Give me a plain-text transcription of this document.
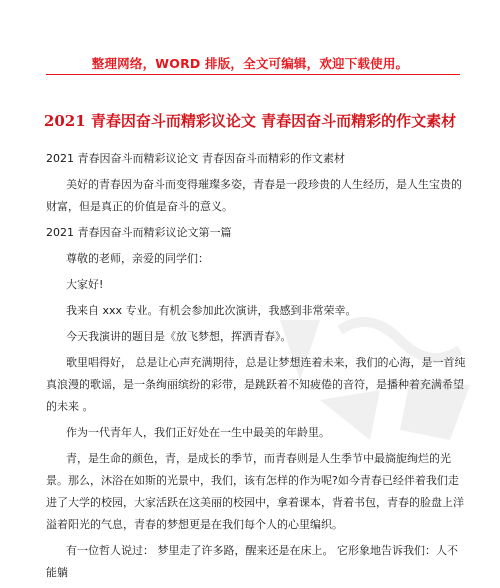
整理网络，WORD 排版，全文可编辑，欢迎下载使用。
2021 青春因奋斗而精彩议论文 青春因奋斗而精彩的作文素材

2021 青春因奋斗而精彩议论文 青春因奋斗而精彩的作文素材

美好的青春因为奋斗而变得璀璨多姿，青春是一段珍贵的人生经历，是人生宝贵的财富，但是真正的价值是奋斗的意义。

2021 青春因奋斗而精彩议论文第一篇

尊敬的老师，亲爱的同学们：

大家好!

我来自 xxx 专业。有机会参加此次演讲，我感到非常荣幸。

今天我演讲的题目是《放飞梦想，挥洒青春》。

歌里唱得好， 总是让心声充满期待，总是让梦想连着未来，我们的心海，是一首纯真浪漫的歌谣，是一条绚丽缤纷的彩带，是跳跃着不知疲倦的音符，是播种着充满希望的未来 。

作为一代青年人，我们正好处在一生中最美的年龄里。

青，是生命的颜色，青，是成长的季节，而青春则是人生季节中最旖旎绚烂的光景。那么，沐浴在如斯的光景中，我们，该有怎样的作为呢?如今青春已经伴着我们走进了大学的校园，大家活跃在这美丽的校园中，拿着课本，背着书包，青春的脸盘上洋溢着阳光的气息，青春的梦想更是在我们每个人的心里编织。

有一位哲人说过： 梦里走了许多路，醒来还是在床上。 它形象地告诉我们：人不能躺
